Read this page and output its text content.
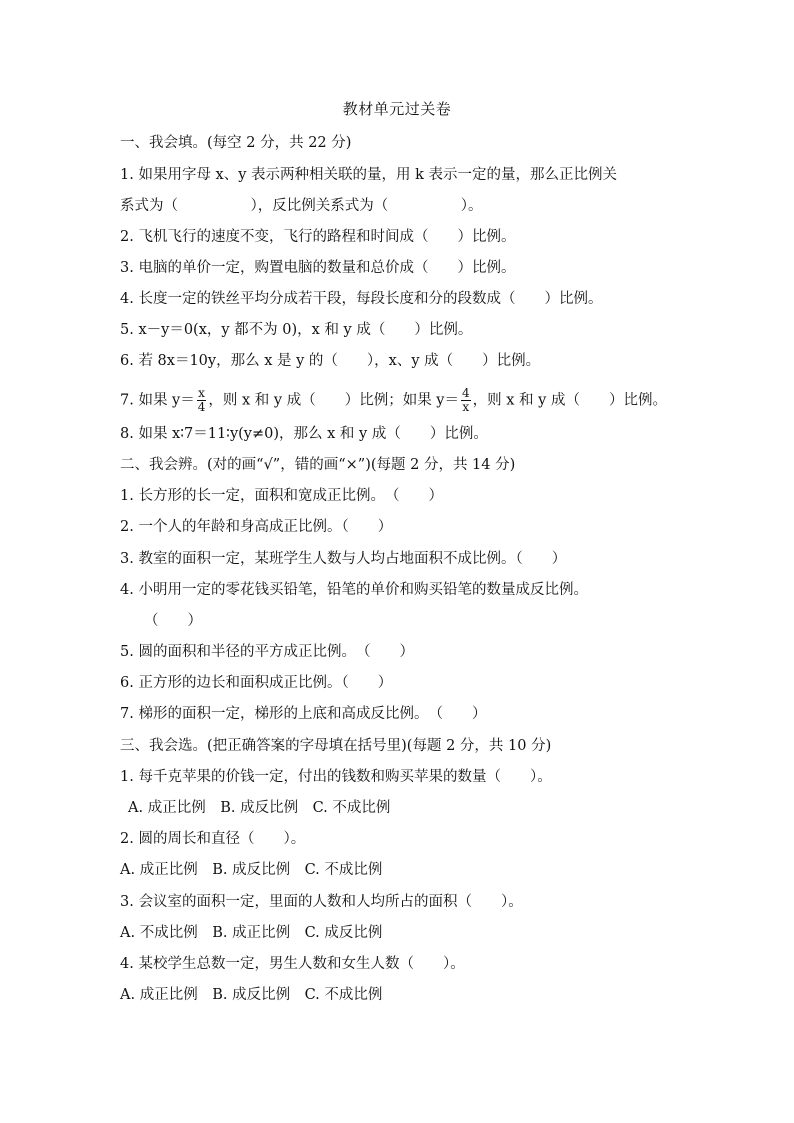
教材单元过关卷
一、我会填。(每空 2 分，共 22 分)
1. 如果用字母 x、y 表示两种相关联的量，用 k 表示一定的量，那么正比例关
系式为（　　　　　），反比例关系式为（　　　　　）。
2. 飞机飞行的速度不变，飞行的路程和时间成（　　）比例。
3. 电脑的单价一定，购置电脑的数量和总价成（　　）比例。
4. 长度一定的铁丝平均分成若干段，每段长度和分的段数成（　　）比例。
5. x－y＝0(x，y 都不为 0)，x 和 y 成（　　）比例。
6. 若 8x＝10y，那么 x 是 y 的（　　），x、y 成（　　）比例。
7. 如果 $y= \frac{x}{4}$ ，则 x 和 y 成（　　）比例；如果 $y= \frac{4}{x}$ ，则 x 和 y 成（　　）比例。
8. 如果 x∶7＝11∶y(y≠0)，那么 x 和 y 成（　　）比例。
二、我会辨。(对的画“√”，错的画“×”)(每题 2 分，共 14 分)
1. 长方形的长一定，面积和宽成正比例。　（　　）
2. 一个人的年龄和身高成正比例。（　　）
3. 教室的面积一定，某班学生人数与人均占地面积不成比例。（　　）
4. 小明用一定的零花钱买铅笔，铅笔的单价和购买铅笔的数量成反比例。
（　　）
5. 圆的面积和半径的平方成正比例。　（　　）
6. 正方形的边长和面积成正比例。（　　）
7. 梯形的面积一定，梯形的上底和高成反比例。　（　　）
三、我会选。(把正确答案的字母填在括号里)(每题 2 分，共 10 分)
1. 每千克苹果的价钱一定，付出的钱数和购买苹果的数量（　　）。
A. 成正比例　B. 成反比例　C. 不成比例
2. 圆的周长和直径（　　）。
A. 成正比例　B. 成反比例　C. 不成比例
3. 会议室的面积一定，里面的人数和人均所占的面积（　　）。
A. 不成比例　B. 成正比例　C. 成反比例
4. 某校学生总数一定，男生人数和女生人数（　　）。
A. 成正比例　B. 成反比例　C. 不成比例
